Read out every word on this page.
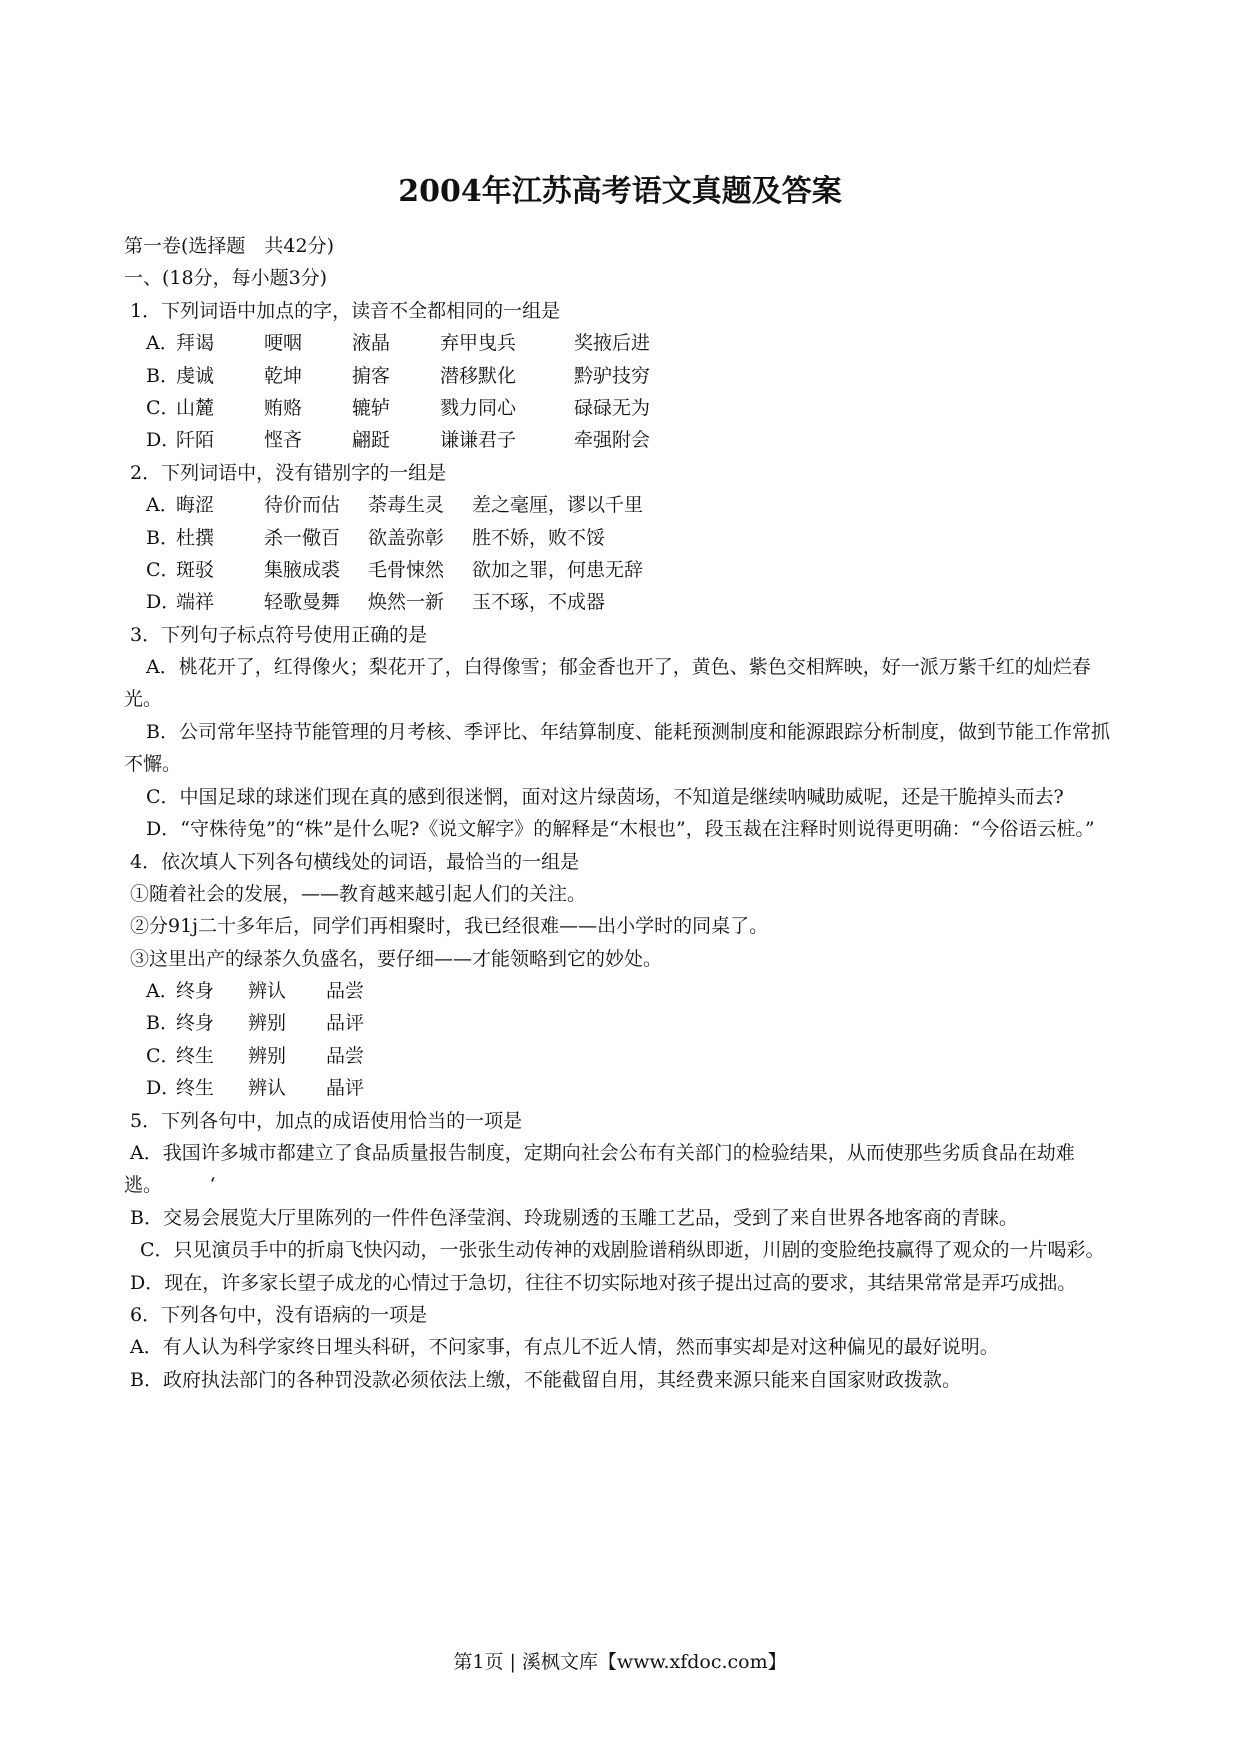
2004年江苏高考语文真题及答案
第一卷(选择题　共42分)
一、(18分，每小题3分)
1．下列词语中加点的字，读音不全都相同的一组是
A．拜谒	哽咽	液晶	弃甲曳兵	奖掖后进
B．虔诚	乾坤	掮客	潜移默化	黔驴技穷
C．山麓	贿赂	辘轳	戮力同心	碌碌无为
D．阡陌	悭吝	翩跹	谦谦君子	牵强附会
2．下列词语中，没有错别字的一组是
A．晦涩	待价而估 荼毒生灵 差之毫厘，谬以千里
B．杜撰	杀一儆百 欲盖弥彰 胜不娇，败不馁
C．斑驳	集腋成裘 毛骨悚然 欲加之罪，何患无辞
D．端祥	轻歌曼舞 焕然一新 玉不琢，不成器
3．下列句子标点符号使用正确的是
A．桃花开了，红得像火；梨花开了，白得像雪；郁金香也开了，黄色、紫色交相辉映，好一派万紫千红的灿烂春光。
B．公司常年坚持节能管理的月考核、季评比、年结算制度、能耗预测制度和能源跟踪分析制度，做到节能工作常抓不懈。
C．中国足球的球迷们现在真的感到很迷惘，面对这片绿茵场，不知道是继续呐喊助威呢，还是干脆掉头而去?
D．“守株待兔”的“株”是什么呢?《说文解字》的解释是“木根也”，段玉裁在注释时则说得更明确：“今俗语云桩。”
4．依次填人下列各句横线处的词语，最恰当的一组是
①随着社会的发展，——教育越来越引起人们的关注。
②分91j二十多年后，同学们再相聚时，我已经很难——出小学时的同桌了。
③这里出产的绿茶久负盛名，要仔细——才能领略到它的妙处。
A．终身 辨认 品尝
B．终身 辨别 品评
C．终生 辨别 品尝
D．终生 辨认 晶评
5．下列各句中，加点的成语使用恰当的一项是
A．我国许多城市都建立了食品质量报告制度，定期向社会公布有关部门的检验结果，从而使那些劣质食品在劫难逃。　　　‘
B．交易会展览大厅里陈列的一件件色泽莹润、玲珑剔透的玉雕工艺品，受到了来自世界各地客商的青睐。
C．只见演员手中的折扇飞快闪动，一张张生动传神的戏剧脸谱稍纵即逝，川剧的变脸绝技赢得了观众的一片喝彩。
D．现在，许多家长望子成龙的心情过于急切，往往不切实际地对孩子提出过高的要求，其结果常常是弄巧成拙。
6．下列各句中，没有语病的一项是
A．有人认为科学家终日埋头科研，不问家事，有点儿不近人情，然而事实却是对这种偏见的最好说明。
B．政府执法部门的各种罚没款必须依法上缴，不能截留自用，其经费来源只能来自国家财政拨款。
第1页 | 溪枫文库【www.xfdoc.com】
